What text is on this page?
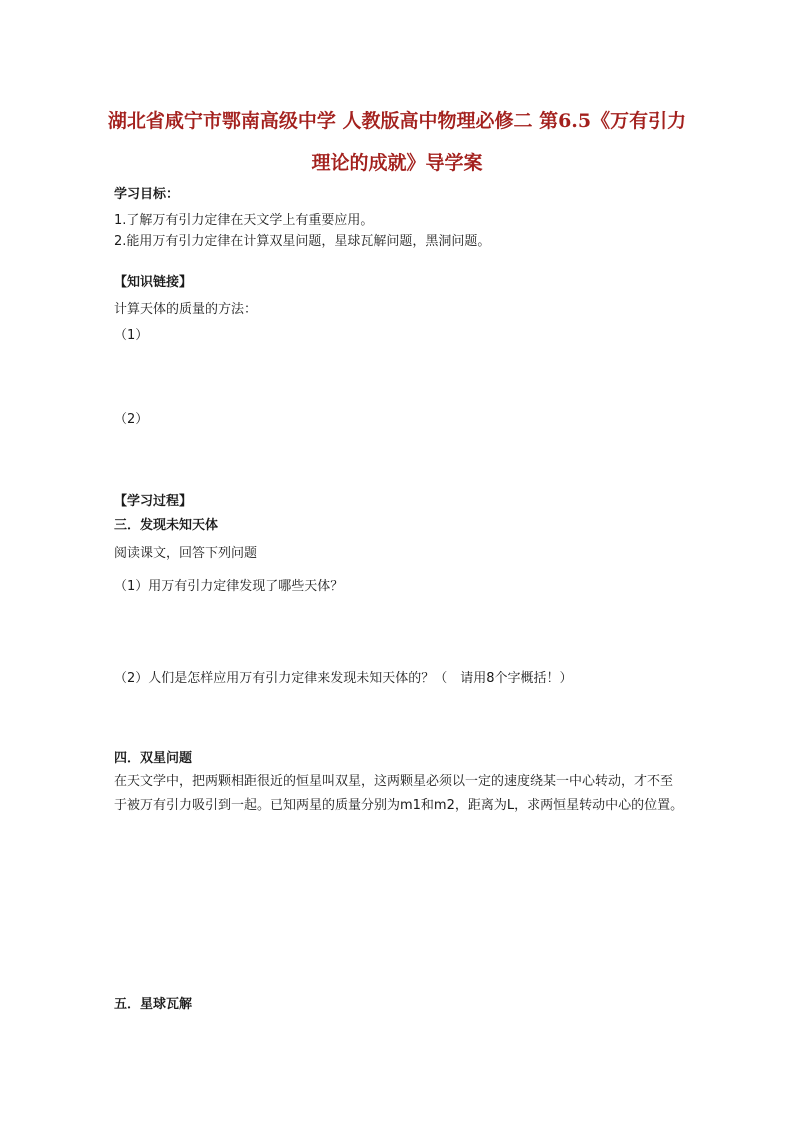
湖北省咸宁市鄂南高级中学 人教版高中物理必修二 第6.5《万有引力
理论的成就》导学案

学习目标：

1.了解万有引力定律在天文学上有重要应用。

2.能用万有引力定律在计算双星问题，星球瓦解问题，黑洞问题。

【知识链接】

计算天体的质量的方法：

（1）

（2）

【学习过程】

三．发现未知天体

阅读课文，回答下列问题

（1）用万有引力定律发现了哪些天体？

（2）人们是怎样应用万有引力定律来发现未知天体的？（　请用8个字概括！）

四．双星问题

在天文学中，把两颗相距很近的恒星叫双星，这两颗星必须以一定的速度绕某一中心转动，才不至于被万有引力吸引到一起。已知两星的质量分别为m1和m2，距离为L，求两恒星转动中心的位置。

五．星球瓦解
